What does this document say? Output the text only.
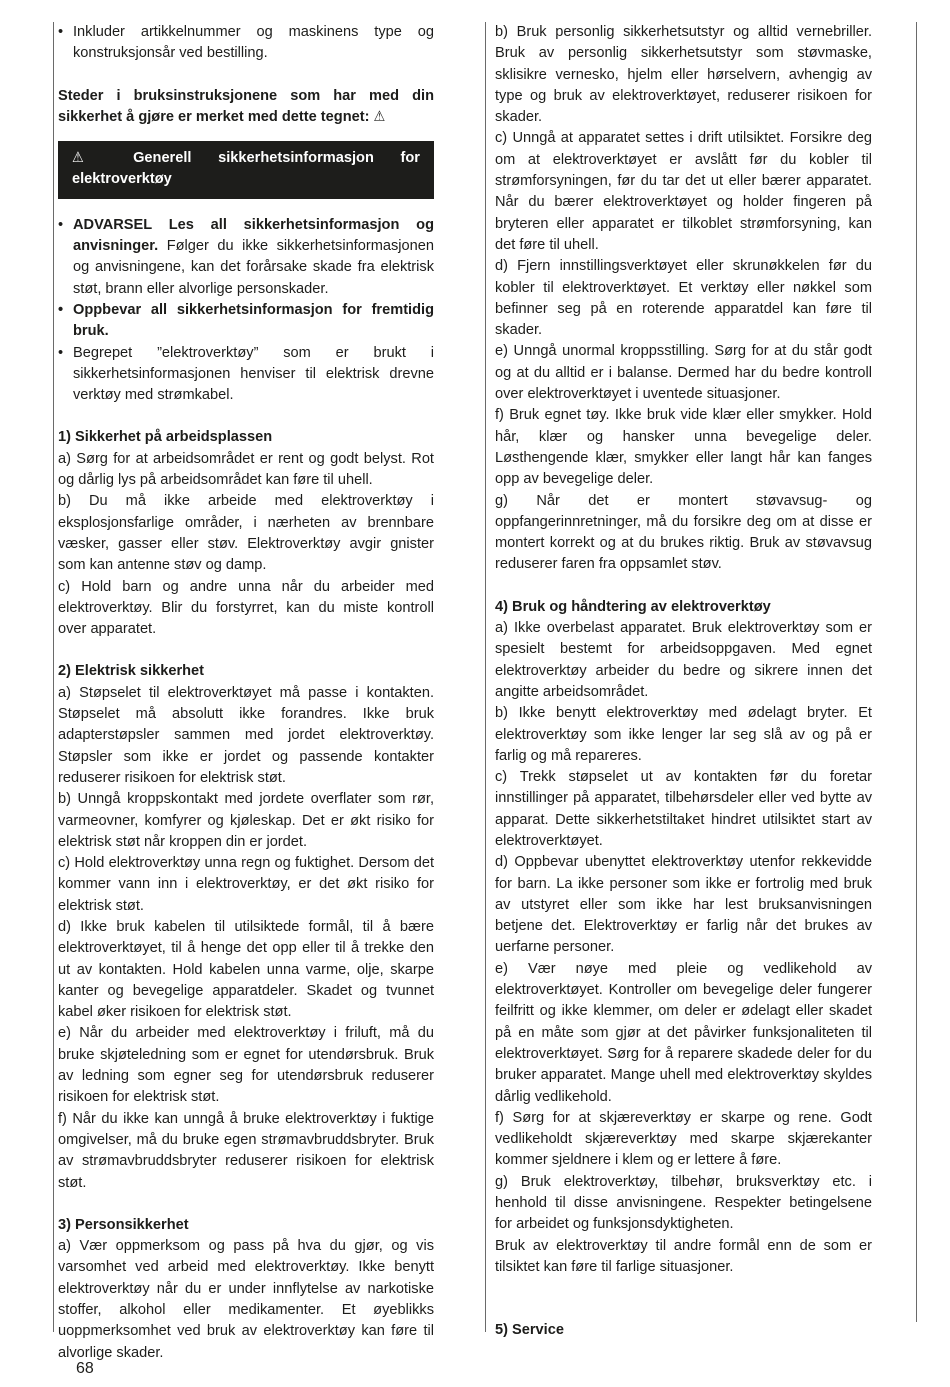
• Inkluder artikkelnummer og maskinens type og konstruksjonsår ved bestilling.

Steder i bruksinstruksjonene som har med din sikkerhet å gjøre er merket med dette tegnet: ⚠

⚠ Generell sikkerhetsinformasjon for elektroverktøy

• ADVARSEL Les all sikkerhetsinformasjon og anvisninger. Følger du ikke sikkerhetsinformasjonen og anvisningene, kan det forårsake skade fra elektrisk støt, brann eller alvorlige personskader.

• Oppbevar all sikkerhetsinformasjon for fremtidig bruk.

• Begrepet ”elektroverktøy” som er brukt i sikkerhetsinformasjonen henviser til elektrisk drevne verktøy med strømkabel.

1) Sikkerhet på arbeidsplassen

a) Sørg for at arbeidsområdet er rent og godt belyst. Rot og dårlig lys på arbeidsområdet kan føre til uhell.

b) Du må ikke arbeide med elektroverktøy i eksplosjonsfarlige områder, i nærheten av brennbare væsker, gasser eller støv. Elektroverktøy avgir gnister som kan antenne støv og damp.

c) Hold barn og andre unna når du arbeider med elektroverktøy. Blir du forstyrret, kan du miste kontroll over apparatet.

2) Elektrisk sikkerhet

a) Støpselet til elektroverktøyet må passe i kontakten. Støpselet må absolutt ikke forandres. Ikke bruk adapterstøpsler sammen med jordet elektroverktøy. Støpsler som ikke er jordet og passende kontakter reduserer risikoen for elektrisk støt.

b) Unngå kroppskontakt med jordete overflater som rør, varmeovner, komfyrer og kjøleskap. Det er økt risiko for elektrisk støt når kroppen din er jordet.

c) Hold elektroverktøy unna regn og fuktighet. Dersom det kommer vann inn i elektroverktøy, er det økt risiko for elektrisk støt.

d) Ikke bruk kabelen til utilsiktede formål, til å bære elektroverktøyet, til å henge det opp eller til å trekke den ut av kontakten. Hold kabelen unna varme, olje, skarpe kanter og bevegelige apparatdeler. Skadet og tvunnet kabel øker risikoen for elektrisk støt.

e) Når du arbeider med elektroverktøy i friluft, må du bruke skjøteledning som er egnet for utendørsbruk. Bruk av ledning som egner seg for utendørsbruk reduserer risikoen for elektrisk støt.

f) Når du ikke kan unngå å bruke elektroverktøy i fuktige omgivelser, må du bruke egen strømavbruddsbryter. Bruk av strømavbruddsbryter reduserer risikoen for elektrisk støt.

3) Personsikkerhet

a) Vær oppmerksom og pass på hva du gjør, og vis varsomhet ved arbeid med elektroverktøy. Ikke benytt elektroverktøy når du er under innflytelse av narkotiske stoffer, alkohol eller medikamenter. Et øyeblikks uoppmerksomhet ved bruk av elektroverktøy kan føre til alvorlige skader.

b) Bruk personlig sikkerhetsutstyr og alltid vernebriller. Bruk av personlig sikkerhetsutstyr som støvmaske, sklisikre vernesko, hjelm eller hørselvern, avhengig av type og bruk av elektroverktøyet, reduserer risikoen for skader.

c) Unngå at apparatet settes i drift utilsiktet. Forsikre deg om at elektroverktøyet er avslått før du kobler til strømforsyningen, før du tar det ut eller bærer apparatet. Når du bærer elektroverktøyet og holder fingeren på bryteren eller apparatet er tilkoblet strømforsyning, kan det føre til uhell.

d) Fjern innstillingsverktøyet eller skrunøkkelen før du kobler til elektroverktøyet. Et verktøy eller nøkkel som befinner seg på en roterende apparatdel kan føre til skader.

e) Unngå unormal kroppsstilling. Sørg for at du står godt og at du alltid er i balanse. Dermed har du bedre kontroll over elektroverktøyet i uventede situasjoner.

f) Bruk egnet tøy. Ikke bruk vide klær eller smykker. Hold hår, klær og hansker unna bevegelige deler. Løsthengende klær, smykker eller langt hår kan fanges opp av bevegelige deler.

g) Når det er montert støvavsug- og oppfangerinnretninger, må du forsikre deg om at disse er montert korrekt og at du brukes riktig. Bruk av støvavsug reduserer faren fra oppsamlet støv.

4) Bruk og håndtering av elektroverktøy

a) Ikke overbelast apparatet. Bruk elektroverktøy som er spesielt bestemt for arbeidsoppgaven. Med egnet elektroverktøy arbeider du bedre og sikrere innen det angitte arbeidsområdet.

b) Ikke benytt elektroverktøy med ødelagt bryter. Et elektroverktøy som ikke lenger lar seg slå av og på er farlig og må repareres.

c) Trekk støpselet ut av kontakten før du foretar innstillinger på apparatet, tilbehørsdeler eller ved bytte av apparat. Dette sikkerhetstiltaket hindret utilsiktet start av elektroverktøyet.

d) Oppbevar ubenyttet elektroverktøy utenfor rekkevidde for barn. La ikke personer som ikke er fortrolig med bruk av utstyret eller som ikke har lest bruksanvisningen betjene det. Elektroverktøy er farlig når det brukes av uerfarne personer.

e) Vær nøye med pleie og vedlikehold av elektroverktøyet. Kontroller om bevegelige deler fungerer feilfritt og ikke klemmer, om deler er ødelagt eller skadet på en måte som gjør at det påvirker funksjonaliteten til elektroverktøyet. Sørg for å reparere skadede deler for du bruker apparatet. Mange uhell med elektroverktøy skyldes dårlig vedlikehold.

f) Sørg for at skjæreverktøy er skarpe og rene. Godt vedlikeholdt skjæreverktøy med skarpe skjærekanter kommer sjeldnere i klem og er lettere å føre.

g) Bruk elektroverktøy, tilbehør, bruksverktøy etc. i henhold til disse anvisningene. Respekter betingelsene for arbeidet og funksjonsdyktigheten.

Bruk av elektroverktøy til andre formål enn de som er tilsiktet kan føre til farlige situasjoner.

5) Service

68
